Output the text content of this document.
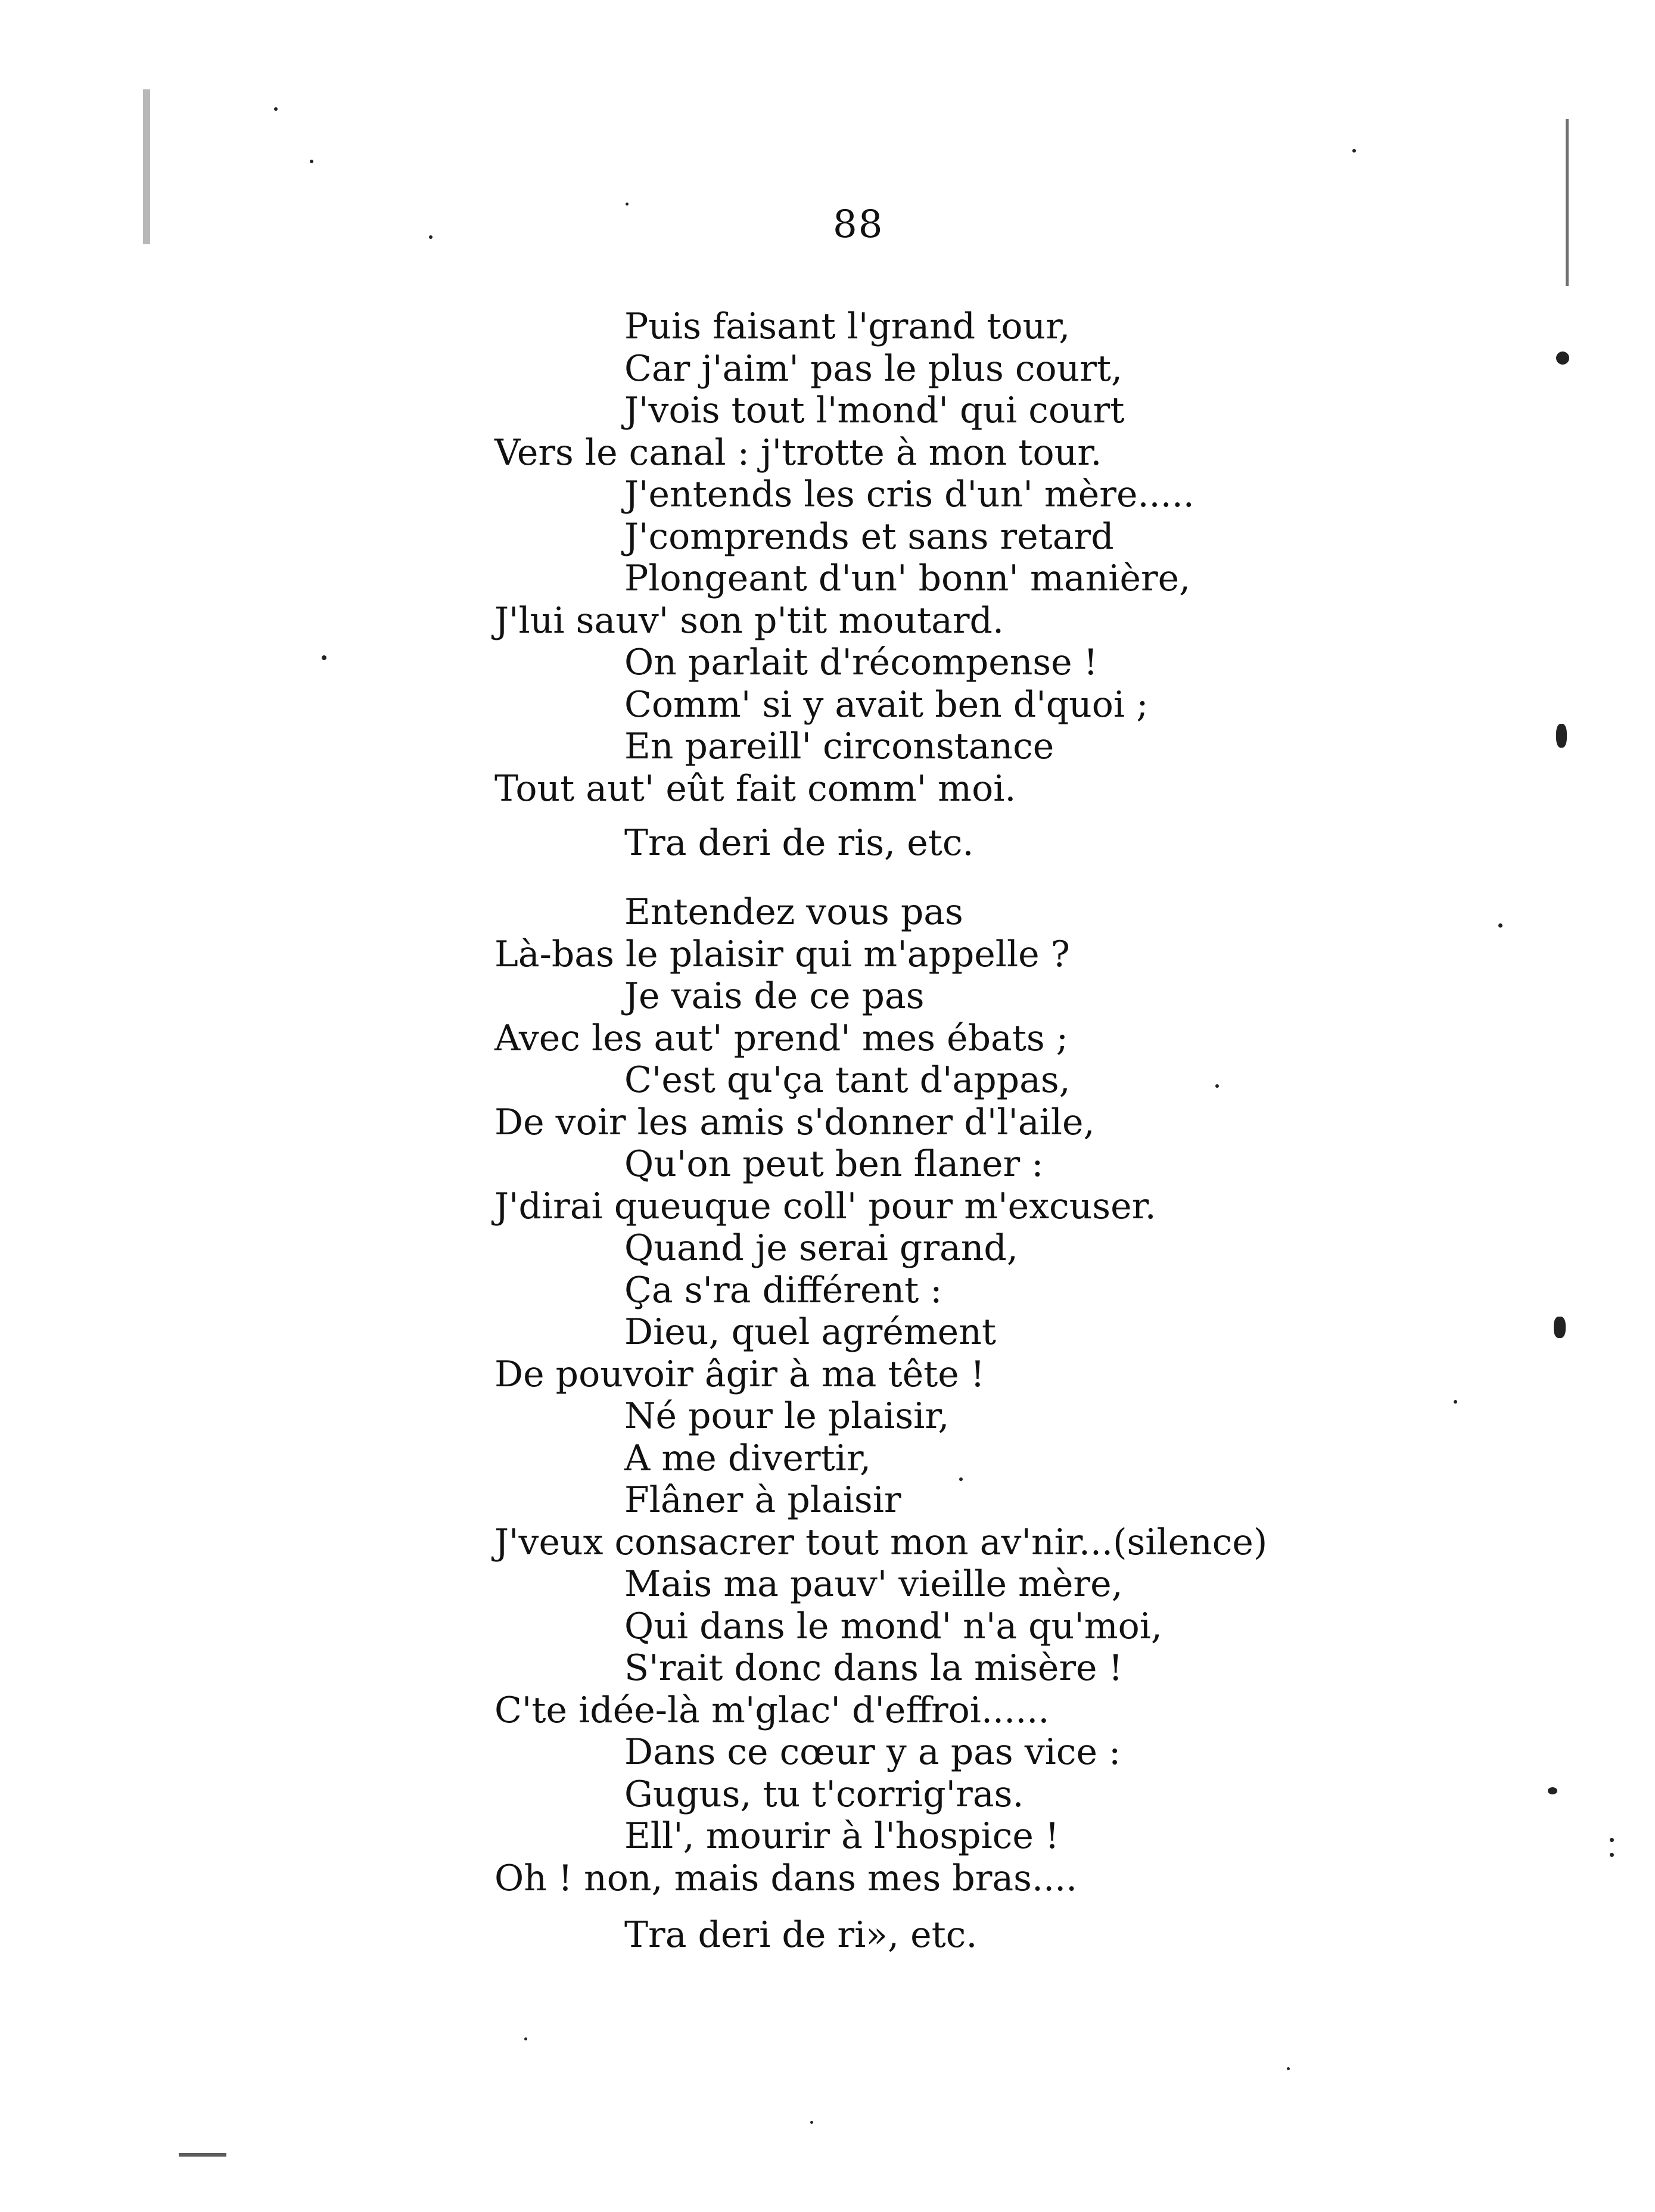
88
Puis faisant l'grand tour,
Car j'aim' pas le plus court,
J'vois tout l'mond' qui court
Vers le canal : j'trotte à mon tour.
J'entends les cris d'un' mère.....
J'comprends et sans retard
Plongeant d'un' bonn' manière,
J'lui sauv' son p'tit moutard.
On parlait d'récompense !
Comm' si y avait ben d'quoi ;
En pareill' circonstance
Tout aut' eût fait comm' moi.
Tra deri de ris, etc.
Entendez vous pas
Là-bas le plaisir qui m'appelle ?
Je vais de ce pas
Avec les aut' prend' mes ébats ;
C'est qu'ça tant d'appas,
De voir les amis s'donner d'l'aile,
Qu'on peut ben flaner :
J'dirai queuque coll' pour m'excuser.
Quand je serai grand,
Ça s'ra différent :
Dieu, quel agrément
De pouvoir âgir à ma tête !
Né pour le plaisir,
A me divertir,
Flâner à plaisir
J'veux consacrer tout mon av'nir...(silence)
Mais ma pauv' vieille mère,
Qui dans le mond' n'a qu'moi,
S'rait donc dans la misère !
C'te idée-là m'glac' d'effroi......
Dans ce cœur y a pas vice :
Gugus, tu t'corrig'ras.
Ell', mourir à l'hospice !
Oh ! non, mais dans mes bras....
Tra deri de ri», etc.
